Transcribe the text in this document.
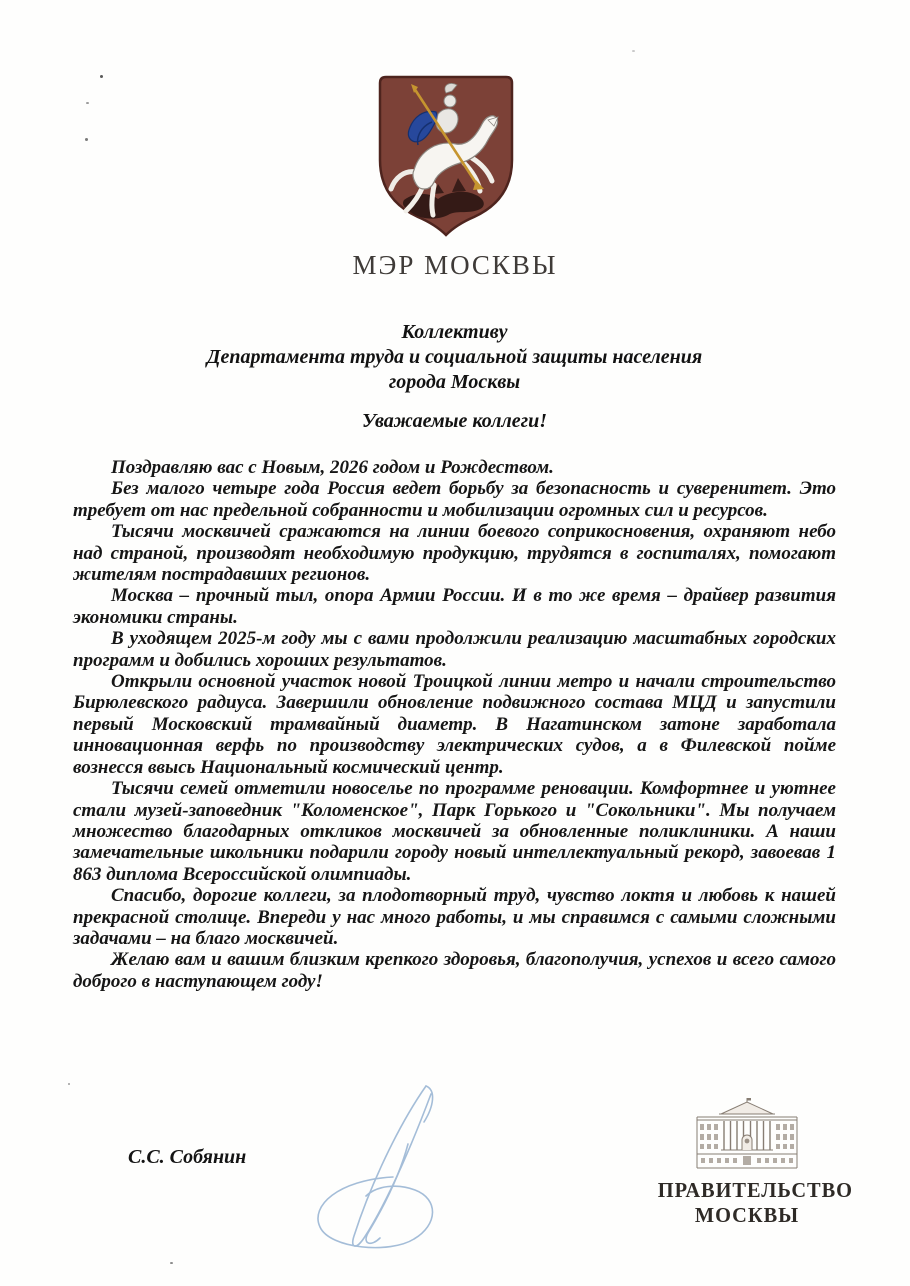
МЭР МОСКВЫ
Коллективу
Департамента труда и социальной защиты населения
города Москвы
Уважаемые коллеги!

Поздравляю вас с Новым, 2026 годом и Рождеством.

Без малого четыре года Россия ведет борьбу за безопасность и суверенитет. Это требует от нас предельной собранности и мобилизации огромных сил и ресурсов.

Тысячи москвичей сражаются на линии боевого соприкосновения, охраняют небо над страной, производят необходимую продукцию, трудятся в госпиталях, помогают жителям пострадавших регионов.

Москва – прочный тыл, опора Армии России. И в то же время – драйвер развития экономики страны.

В уходящем 2025-м году мы с вами продолжили реализацию масштабных городских программ и добились хороших результатов.

Открыли основной участок новой Троицкой линии метро и начали строительство Бирюлевского радиуса. Завершили обновление подвижного состава МЦД и запустили первый Московский трамвайный диаметр. В Нагатинском затоне заработала инновационная верфь по производству электрических судов, а в Филевской пойме вознесся ввысь Национальный космический центр.

Тысячи семей отметили новоселье по программе реновации. Комфортнее и уютнее стали музей-заповедник "Коломенское", Парк Горького и "Сокольники". Мы получаем множество благодарных откликов москвичей за обновленные поликлиники. А наши замечательные школьники подарили городу новый интеллектуальный рекорд, завоевав 1 863 диплома Всероссийской олимпиады.

Спасибо, дорогие коллеги, за плодотворный труд, чувство локтя и любовь к нашей прекрасной столице. Впереди у нас много работы, и мы справимся с самыми сложными задачами – на благо москвичей.

Желаю вам и вашим близким крепкого здоровья, благополучия, успехов и всего самого доброго в наступающем году!

С.С. Собянин
ПРАВИТЕЛЬСТВО
МОСКВЫ
